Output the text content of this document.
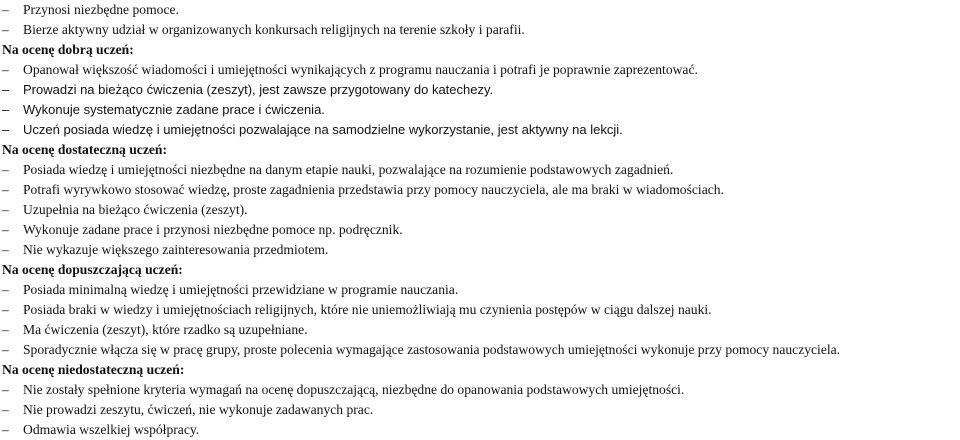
– Przynosi niezbędne pomoce.
– Bierze aktywny udział w organizowanych konkursach religijnych na terenie szkoły i parafii.
Na ocenę dobrą uczeń:
– Opanował większość wiadomości i umiejętności wynikających z programu nauczania i potrafi je poprawnie zaprezentować.
– Prowadzi na bieżąco ćwiczenia (zeszyt), jest zawsze przygotowany do katechezy.
– Wykonuje systematycznie zadane prace i ćwiczenia.
– Uczeń posiada wiedzę i umiejętności pozwalające na samodzielne wykorzystanie, jest aktywny na lekcji.
Na ocenę dostateczną uczeń:
– Posiada wiedzę i umiejętności niezbędne na danym etapie nauki, pozwalające na rozumienie podstawowych zagadnień.
– Potrafi wyrywkowo stosować wiedzę, proste zagadnienia przedstawia przy pomocy nauczyciela, ale ma braki w wiadomościach.
– Uzupełnia na bieżąco ćwiczenia (zeszyt).
– Wykonuje zadane prace i przynosi niezbędne pomoce np. podręcznik.
– Nie wykazuje większego zainteresowania przedmiotem.
Na ocenę dopuszczającą uczeń:
– Posiada minimalną wiedzę i umiejętności przewidziane w programie nauczania.
– Posiada braki w wiedzy i umiejętnościach religijnych, które nie uniemożliwiają mu czynienia postępów w ciągu dalszej nauki.
– Ma ćwiczenia (zeszyt), które rzadko są uzupełniane.
– Sporadycznie włącza się w pracę grupy, proste polecenia wymagające zastosowania podstawowych umiejętności wykonuje przy pomocy nauczyciela.
Na ocenę niedostateczną uczeń:
– Nie zostały spełnione kryteria wymagań na ocenę dopuszczającą, niezbędne do opanowania podstawowych umiejętności.
– Nie prowadzi zeszytu, ćwiczeń, nie wykonuje zadawanych prac.
– Odmawia wszelkiej współpracy.
